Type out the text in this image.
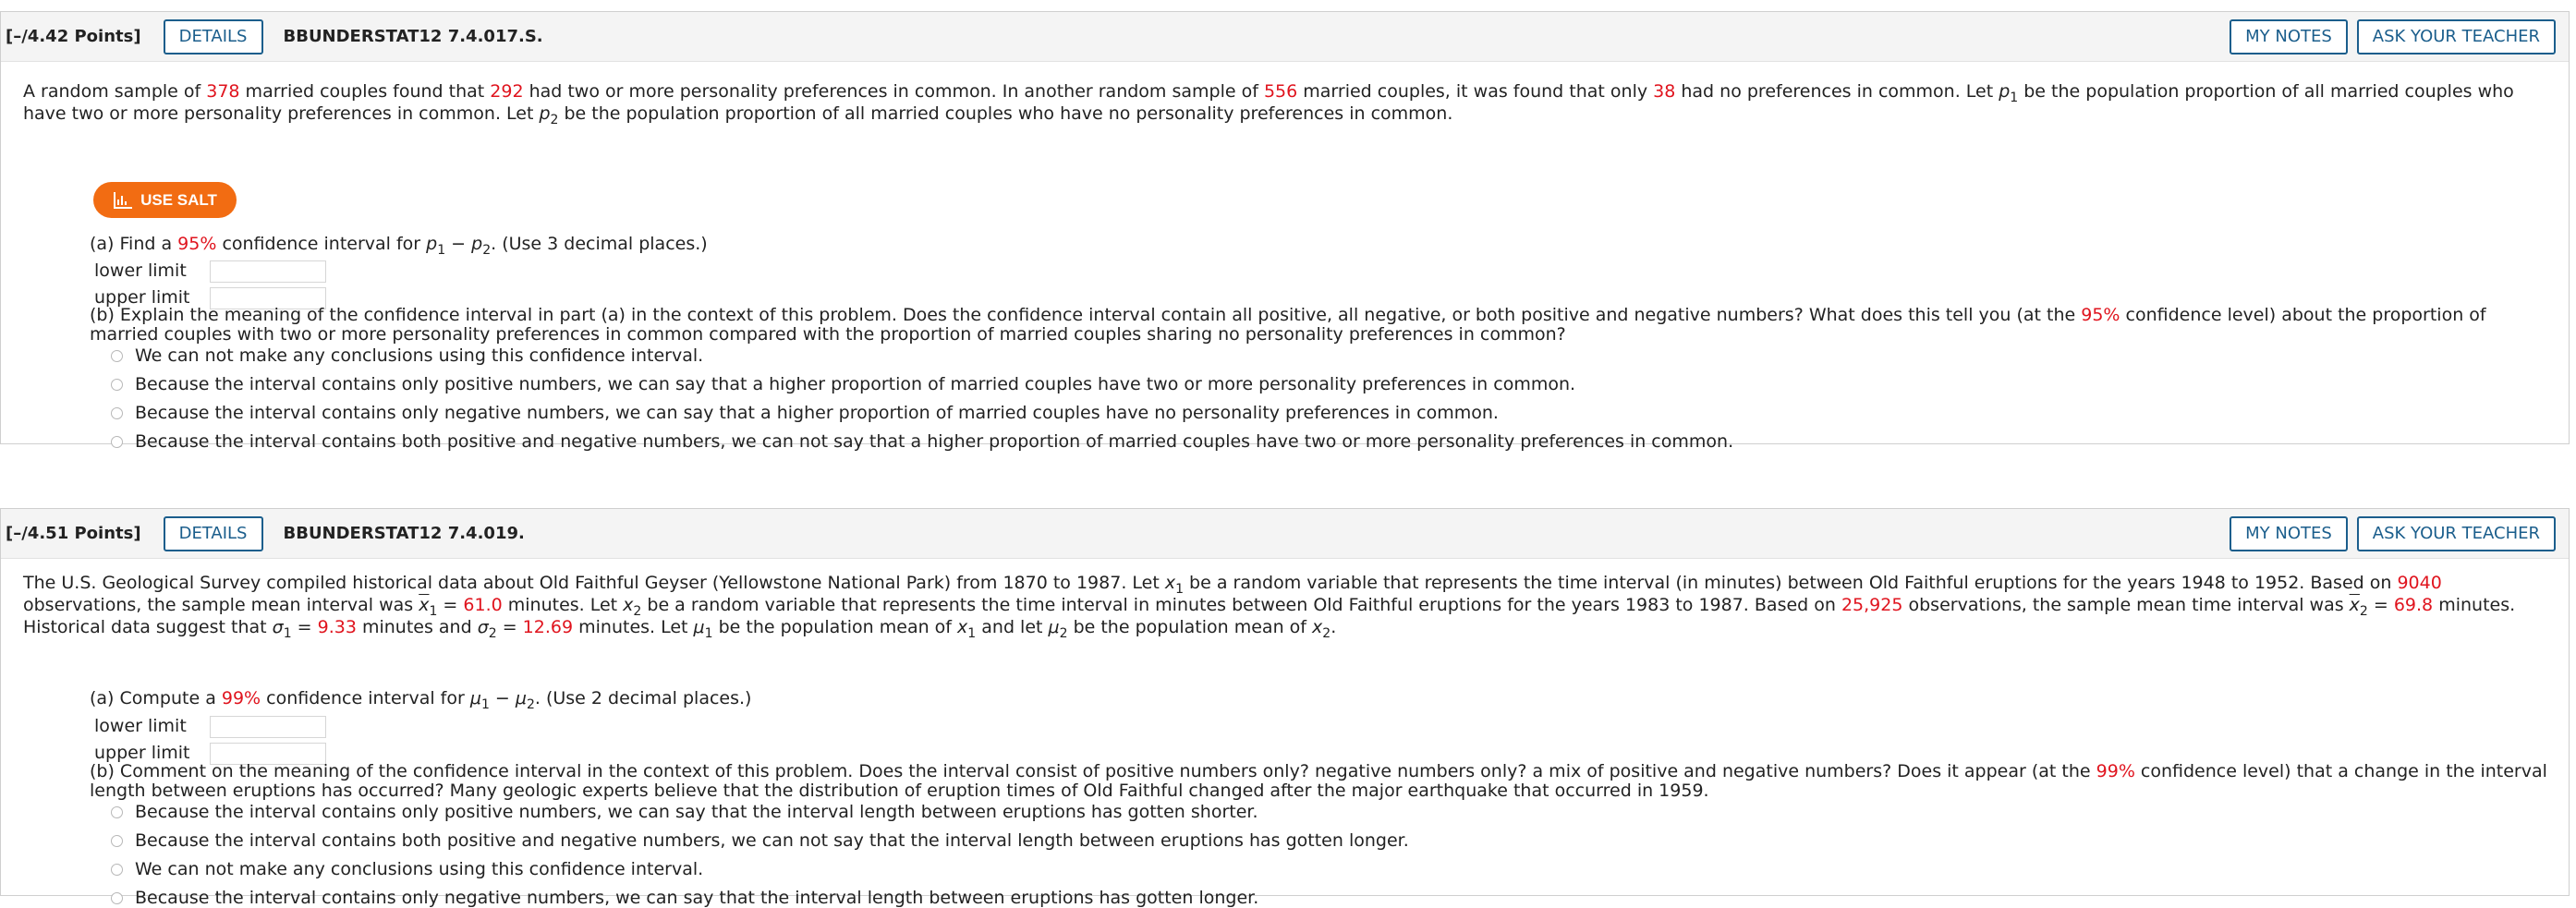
[–/4.42 Points]	DETAILS	BBUNDERSTAT12 7.4.017.S.	MY NOTES	ASK YOUR TEACHER

A random sample of 378 married couples found that 292 had two or more personality preferences in common. In another random sample of 556 married couples, it was found that only 38 had no preferences in common. Let $p_1$ be the population proportion of all married couples who have two or more personality preferences in common. Let $p_2$ be the population proportion of all married couples who have no personality preferences in common.

USE SALT
(a) Find a 95% confidence interval for $p_1 - p_2$. (Use 3 decimal places.)
lower limit
upper limit

(b) Explain the meaning of the confidence interval in part (a) in the context of this problem. Does the confidence interval contain all positive, all negative, or both positive and negative numbers? What does this tell you (at the 95% confidence level) about the proportion of married couples with two or more personality preferences in common compared with the proportion of married couples sharing no personality preferences in common?

We can not make any conclusions using this confidence interval.
Because the interval contains only positive numbers, we can say that a higher proportion of married couples have two or more personality preferences in common.
Because the interval contains only negative numbers, we can say that a higher proportion of married couples have no personality preferences in common.
Because the interval contains both positive and negative numbers, we can not say that a higher proportion of married couples have two or more personality preferences in common.
[–/4.51 Points]	DETAILS	BBUNDERSTAT12 7.4.019.	MY NOTES	ASK YOUR TEACHER

The U.S. Geological Survey compiled historical data about Old Faithful Geyser (Yellowstone National Park) from 1870 to 1987. Let $x_1$ be a random variable that represents the time interval (in minutes) between Old Faithful eruptions for the years 1948 to 1952. Based on 9040 observations, the sample mean interval was $\overline{x}_1 = 61.0$ minutes. Let $x_2$ be a random variable that represents the time interval in minutes between Old Faithful eruptions for the years 1983 to 1987. Based on 25,925 observations, the sample mean time interval was $\overline{x}_2 = 69.8$ minutes. Historical data suggest that $\sigma_1 = 9.33$ minutes and $\sigma_2 = 12.69$ minutes. Let $\mu_1$ be the population mean of $x_1$ and let $\mu_2$ be the population mean of $x_2$.

(a) Compute a 99% confidence interval for $\mu_1 - \mu_2$. (Use 2 decimal places.)
lower limit
upper limit

(b) Comment on the meaning of the confidence interval in the context of this problem. Does the interval consist of positive numbers only? negative numbers only? a mix of positive and negative numbers? Does it appear (at the 99% confidence level) that a change in the interval length between eruptions has occurred? Many geologic experts believe that the distribution of eruption times of Old Faithful changed after the major earthquake that occurred in 1959.

Because the interval contains only positive numbers, we can say that the interval length between eruptions has gotten shorter.
Because the interval contains both positive and negative numbers, we can not say that the interval length between eruptions has gotten longer.
We can not make any conclusions using this confidence interval.
Because the interval contains only negative numbers, we can say that the interval length between eruptions has gotten longer.
